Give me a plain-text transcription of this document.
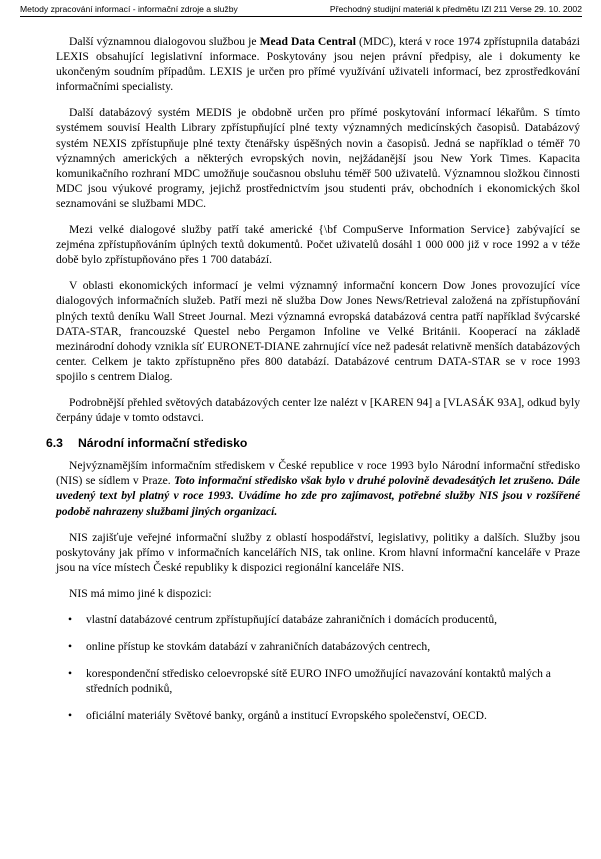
Metody zpracování informací - informační zdroje a služby	Přechodný studijní materiál k předmětu IZI 211 Verse 29. 10. 2002

Další významnou dialogovou službou je Mead Data Central (MDC), která v roce 1974 zpřístupnila databázi LEXIS obsahující legislativní informace. Poskytovány jsou nejen právní předpisy, ale i dokumenty ke ukončeným soudním případům. LEXIS je určen pro přímé využívání uživateli informací, bez zprostředkování informačními specialisty.

Další databázový systém MEDIS je obdobně určen pro přímé poskytování informací lékařům. S tímto systémem souvisí Health Library zpřístupňující plné texty významných medicínských časopisů. Databázový systém NEXIS zpřístupňuje plné texty čtenářsky úspěšných novin a časopisů. Jedná se například o téměř 70 významných amerických a některých evropských novin, nejžádanější jsou New York Times. Kapacita komunikačního rozhraní MDC umožňuje současnou obsluhu téměř 500 uživatelů. Významnou složkou činnosti MDC jsou výukové programy, jejichž prostřednictvím jsou studenti práv, obchodních i ekonomických škol seznamováni se službami MDC.

Mezi velké dialogové služby patří také americké {\bf CompuServe Information Service} zabývající se zejména zpřístupňováním úplných textů dokumentů. Počet uživatelů dosáhl 1 000 000 již v roce 1992 a v téže době bylo zpřístupňováno přes 1 700 databází.

V oblasti ekonomických informací je velmi významný informační koncern Dow Jones provozující více dialogových informačních služeb. Patří mezi ně služba Dow Jones News/Retrieval založená na zpřístupňování plných textů deníku Wall Street Journal. Mezi významná evropská databázová centra patří například švýcarské DATA-STAR, francouzské Questel nebo Pergamon Infoline ve Velké Británii. Kooperací na základě mezinárodní dohody vznikla síť EURONET-DIANE zahrnující více než padesát relativně menších databázových center. Celkem je takto zpřístupněno přes 800 databází. Databázové centrum DATA-STAR se v roce 1993 spojilo s centrem Dialog.

Podrobnější přehled světových databázových center lze nalézt v [KAREN 94] a [VLASÁK 93A], odkud byly čerpány údaje v tomto odstavci.

6.3 Národní informační středisko

Nejvýznamějším informačním střediskem v České republice v roce 1993 bylo Národní informační středisko (NIS) se sídlem v Praze. Toto informační středisko však bylo v druhé polovině devadesátých let zrušeno. Dále uvedený text byl platný v roce 1993. Uvádíme ho zde pro zajímavost, potřebné služby NIS jsou v rozšířené podobě nahrazeny službami jiných organizací.

NIS zajišťuje veřejné informační služby z oblastí hospodářství, legislativy, politiky a dalších. Služby jsou poskytovány jak přímo v informačních kancelářích NIS, tak online. Krom hlavní informační kanceláře v Praze jsou na více místech České republiky k dispozici regionální kanceláře NIS.

NIS má mimo jiné k dispozici:

• vlastní databázové centrum zpřístupňující databáze zahraničních i domácích producentů,
• online přístup ke stovkám databází v zahraničních databázových centrech,
• korespondenční středisko celoevropské sítě EURO INFO umožňující navazování kontaktů malých a středních podniků,
• oficiální materiály Světové banky, orgánů a institucí Evropského společenství, OECD.
